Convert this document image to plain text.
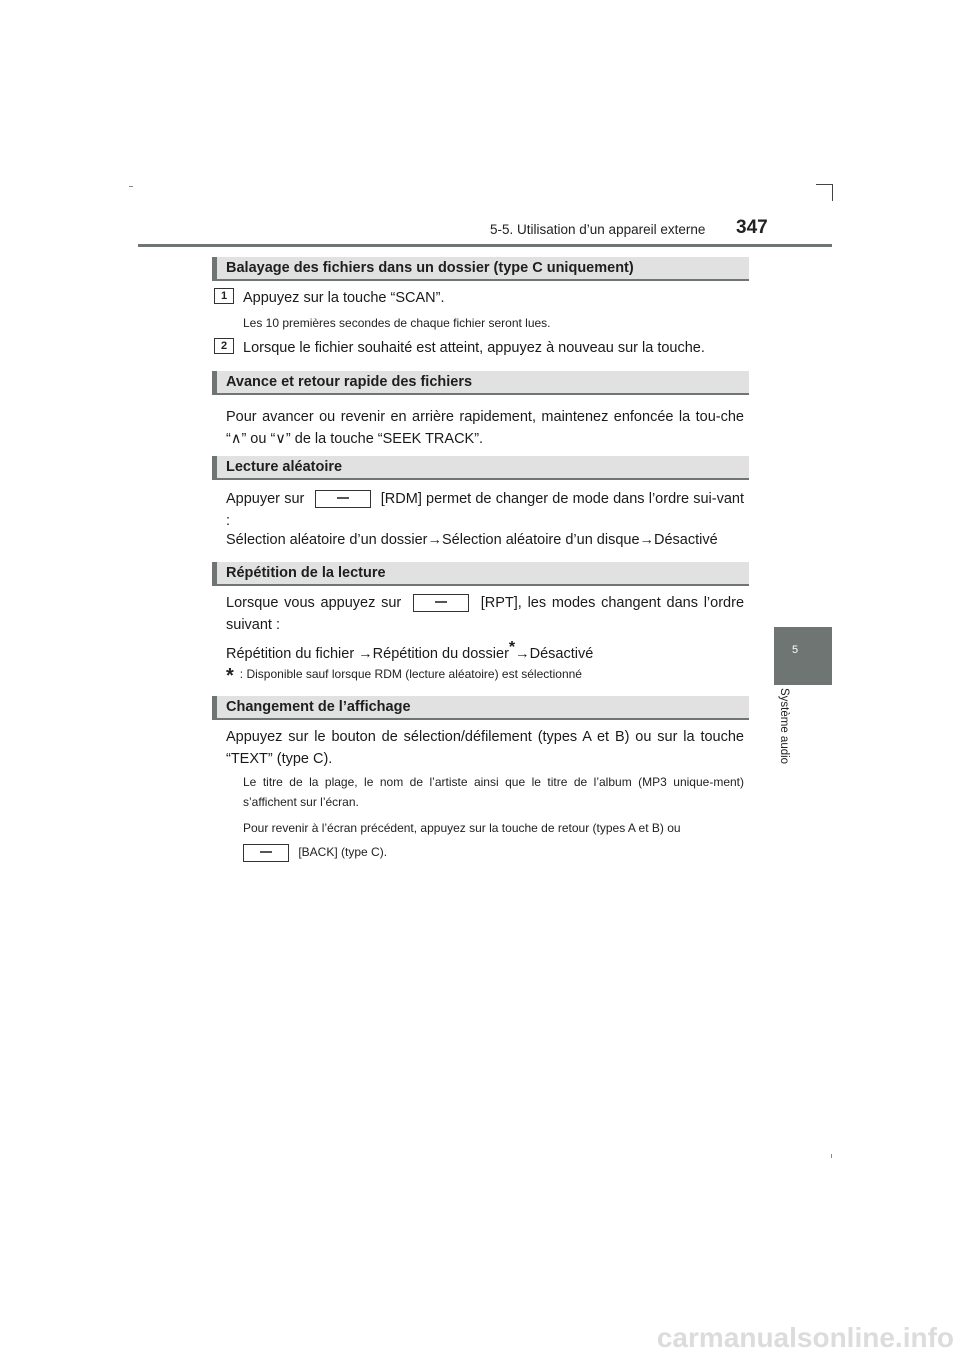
5-5. Utilisation d’un appareil externe 347
5
Système audio
Balayage des fichiers dans un dossier (type C uniquement)
1	Appuyez sur la touche “SCAN”.
Les 10 premières secondes de chaque fichier seront lues.
2	Lorsque le fichier souhaité est atteint, appuyez à nouveau sur la touche.
Avance et retour rapide des fichiers
Pour avancer ou revenir en arrière rapidement, maintenez enfoncée la tou-che “∧” ou “∨” de la touche “SEEK TRACK”.
Lecture aléatoire
Appuyer sur	[RDM] permet de changer de mode dans l’ordre sui-vant :
Sélection aléatoire d’un dossier→Sélection aléatoire d’un disque→Désactivé
Répétition de la lecture
Lorsque vous appuyez sur	[RPT], les modes changent dans l’ordre suivant :
Répétition du fichier →Répétition du dossier*→Désactivé
* : Disponible sauf lorsque RDM (lecture aléatoire) est sélectionné
Changement de l’affichage
Appuyez sur le bouton de sélection/défilement (types A et B) ou sur la touche “TEXT” (type C).
Le titre de la plage, le nom de l’artiste ainsi que le titre de l’album (MP3 unique-ment) s’affichent sur l’écran.
Pour revenir à l’écran précédent, appuyez sur la touche de retour (types A et B) ou
[BACK] (type C).
carmanualsonline.info
